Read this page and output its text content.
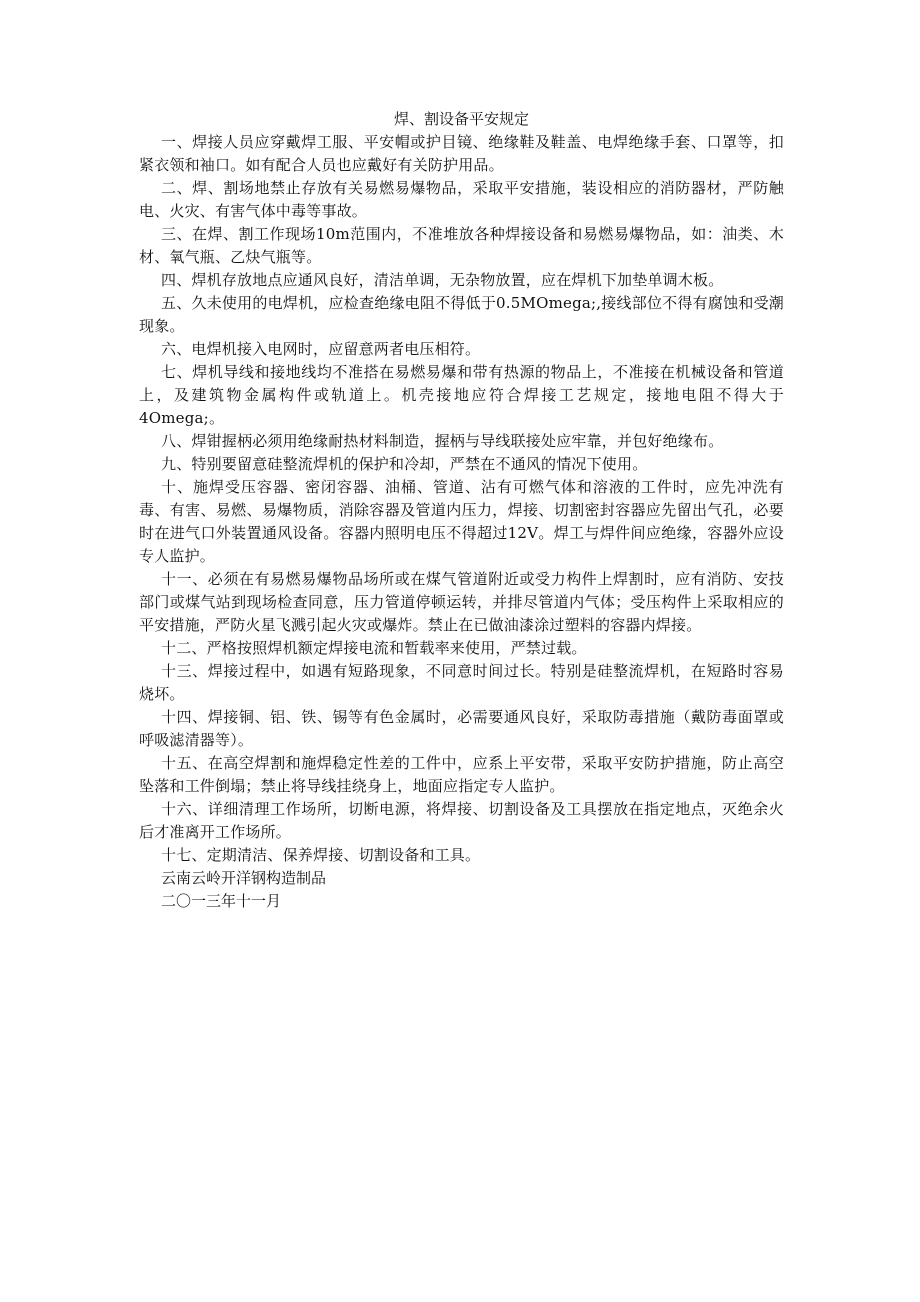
焊、割设备平安规定

一、焊接人员应穿戴焊工服、平安帽或护目镜、绝缘鞋及鞋盖、电焊绝缘手套、口罩等，扣紧衣领和袖口。如有配合人员也应戴好有关防护用品。

二、焊、割场地禁止存放有关易燃易爆物品，采取平安措施，装设相应的消防器材，严防触电、火灾、有害气体中毒等事故。

三、在焊、割工作现场10m范围内，不准堆放各种焊接设备和易燃易爆物品，如：油类、木材、氧气瓶、乙炔气瓶等。

四、焊机存放地点应通风良好，清洁单调，无杂物放置，应在焊机下加垫单调木板。

五、久未使用的电焊机，应检查绝缘电阻不得低于0.5MOmega;,接线部位不得有腐蚀和受潮现象。

六、电焊机接入电网时，应留意两者电压相符。

七、焊机导线和接地线均不准搭在易燃易爆和带有热源的物品上，不准接在机械设备和管道上，及建筑物金属构件或轨道上。机壳接地应符合焊接工艺规定，接地电阻不得大于4Omega;。

八、焊钳握柄必须用绝缘耐热材料制造，握柄与导线联接处应牢靠，并包好绝缘布。

九、特别要留意硅整流焊机的保护和冷却，严禁在不通风的情况下使用。

十、施焊受压容器、密闭容器、油桶、管道、沾有可燃气体和溶液的工件时，应先冲洗有毒、有害、易燃、易爆物质，消除容器及管道内压力，焊接、切割密封容器应先留出气孔，必要时在进气口外装置通风设备。容器内照明电压不得超过12V。焊工与焊件间应绝缘，容器外应设专人监护。

十一、必须在有易燃易爆物品场所或在煤气管道附近或受力构件上焊割时，应有消防、安技部门或煤气站到现场检查同意，压力管道停顿运转，并排尽管道内气体；受压构件上采取相应的平安措施，严防火星飞溅引起火灾或爆炸。禁止在已做油漆涂过塑料的容器内焊接。

十二、严格按照焊机额定焊接电流和暂载率来使用，严禁过载。

十三、焊接过程中，如遇有短路现象，不同意时间过长。特别是硅整流焊机，在短路时容易烧坏。

十四、焊接铜、铝、铁、锡等有色金属时，必需要通风良好，采取防毒措施（戴防毒面罩或呼吸滤清器等）。

十五、在高空焊割和施焊稳定性差的工件中，应系上平安带，采取平安防护措施，防止高空坠落和工件倒塌；禁止将导线挂绕身上，地面应指定专人监护。

十六、详细清理工作场所，切断电源，将焊接、切割设备及工具摆放在指定地点，灭绝余火后才准离开工作场所。

十七、定期清洁、保养焊接、切割设备和工具。

云南云岭开洋钢构造制品

二〇一三年十一月
